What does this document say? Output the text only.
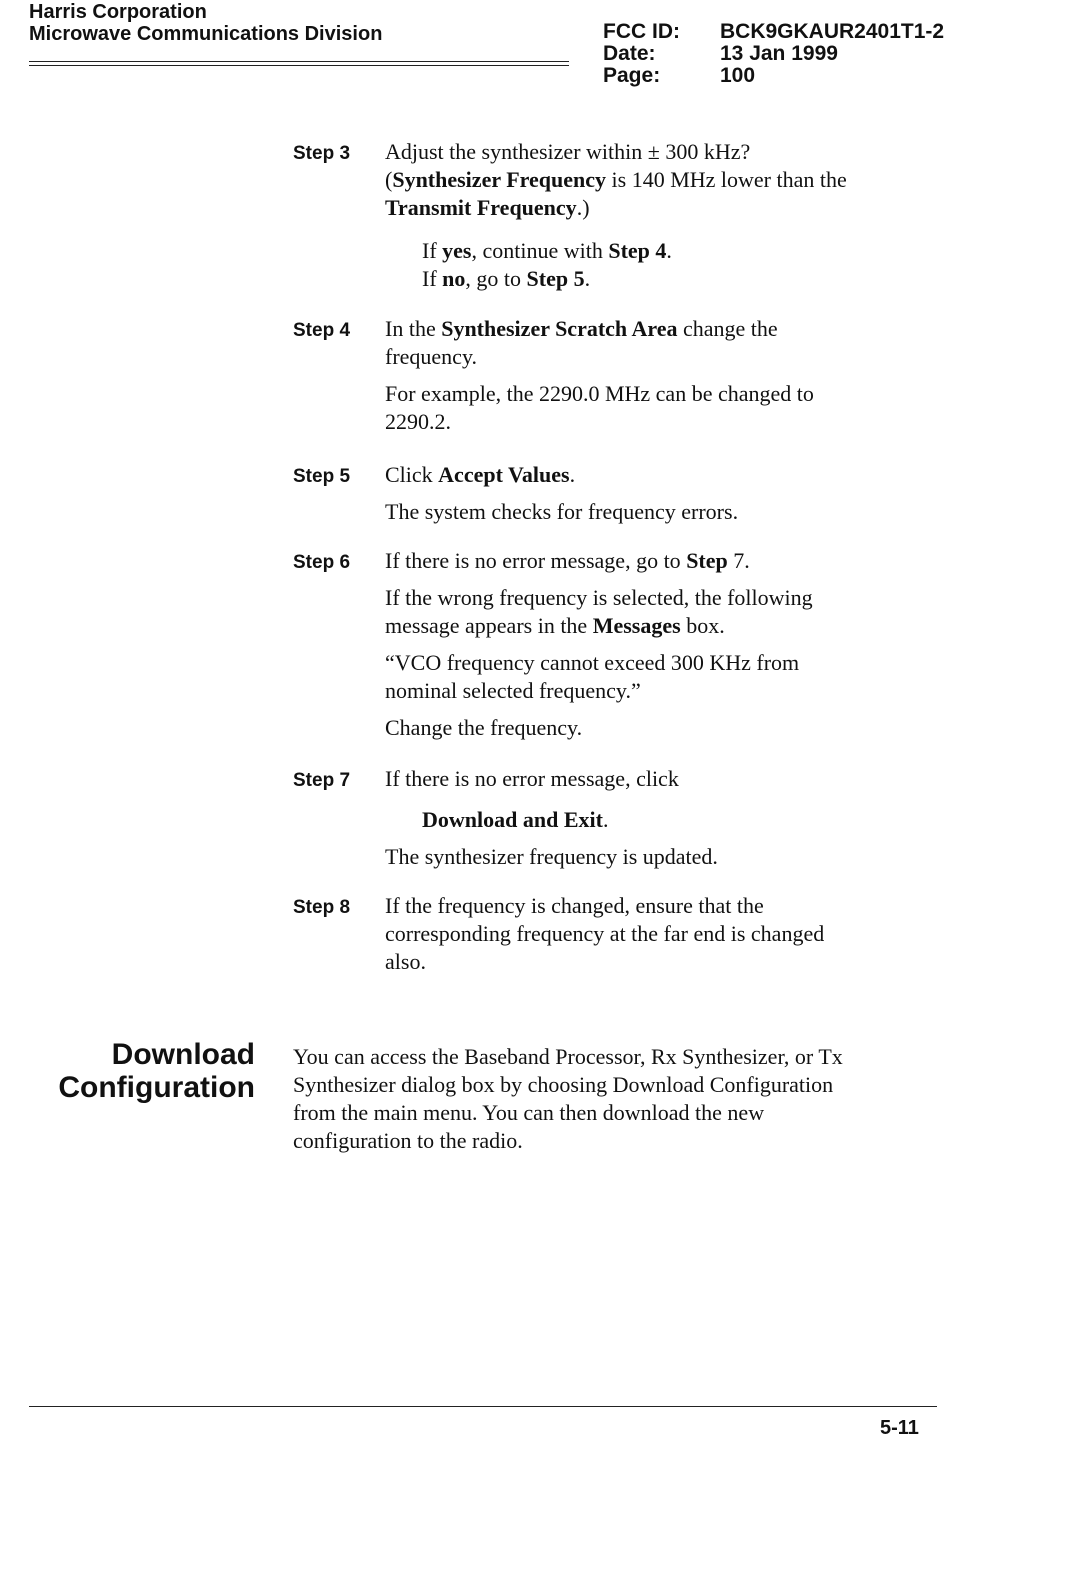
Harris Corporation
Microwave Communications Division	FCC ID: BCK9GKAUR2401T1-2
Date:	13 Jan 1999
Page:	100
Step 3 Adjust the synthesizer within ± 300 kHz?
(Synthesizer Frequency is 140 MHz lower than the
Transmit Frequency.)
If yes, continue with Step 4.
If no, go to Step 5.
Step 4 In the Synthesizer Scratch Area change the
frequency.
For example, the 2290.0 MHz can be changed to
2290.2.
Step 5 Click Accept Values.
The system checks for frequency errors.
Step 6 If there is no error message, go to Step 7.
If the wrong frequency is selected, the following
message appears in the Messages box.
“VCO frequency cannot exceed 300 KHz from
nominal selected frequency.”
Change the frequency.
Step 7 If there is no error message, click
Download and Exit.
The synthesizer frequency is updated.
Step 8 If the frequency is changed, ensure that the
corresponding frequency at the far end is changed
also.
Download
Configuration
You can access the Baseband Processor, Rx Synthesizer, or Tx
Synthesizer dialog box by choosing Download Configuration
from the main menu. You can then download the new
configuration to the radio.
5-11
